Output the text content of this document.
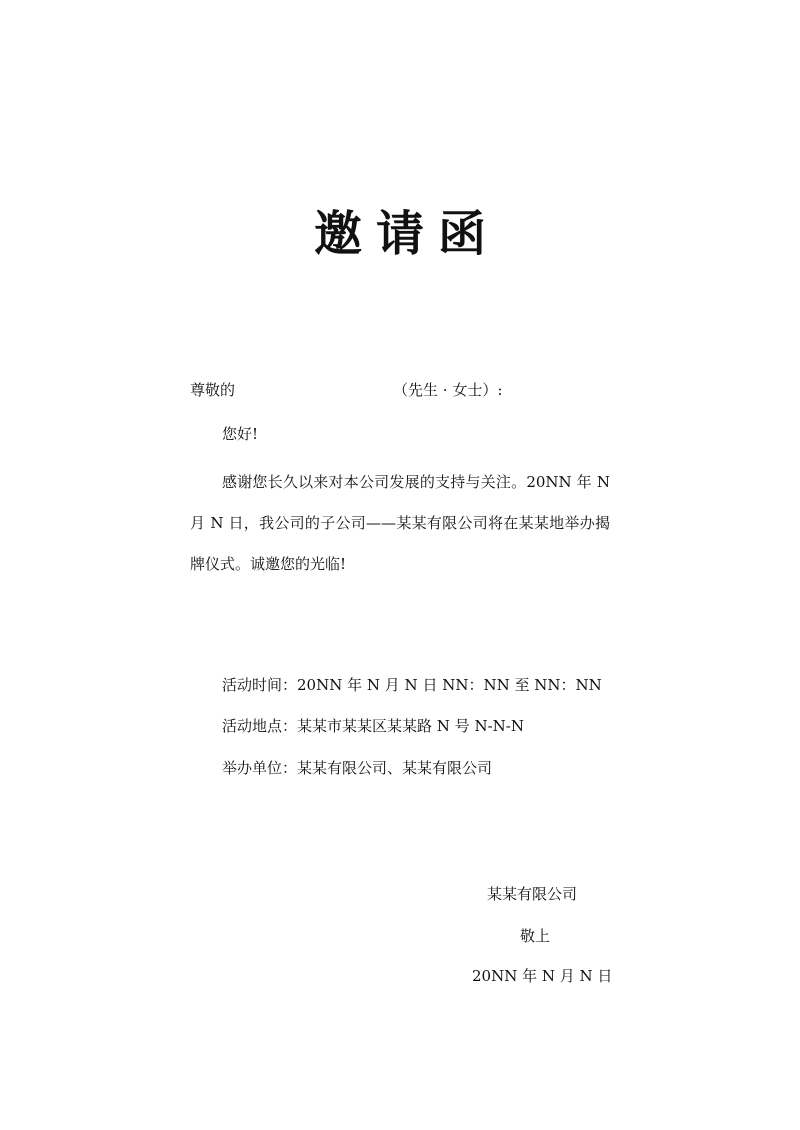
邀请函
尊敬的	（先生 · 女士）:
您好!
感谢您长久以来对本公司发展的支持与关注。20NN 年 N 月 N 日，我公司的子公司——某某有限公司将在某某地举办揭牌仪式。诚邀您的光临!
活动时间：20NN 年 N 月 N 日 NN：NN 至 NN：NN
活动地点：某某市某某区某某路 N 号 N-N-N
举办单位：某某有限公司、某某有限公司
某某有限公司
敬上
20NN 年 N 月 N 日
